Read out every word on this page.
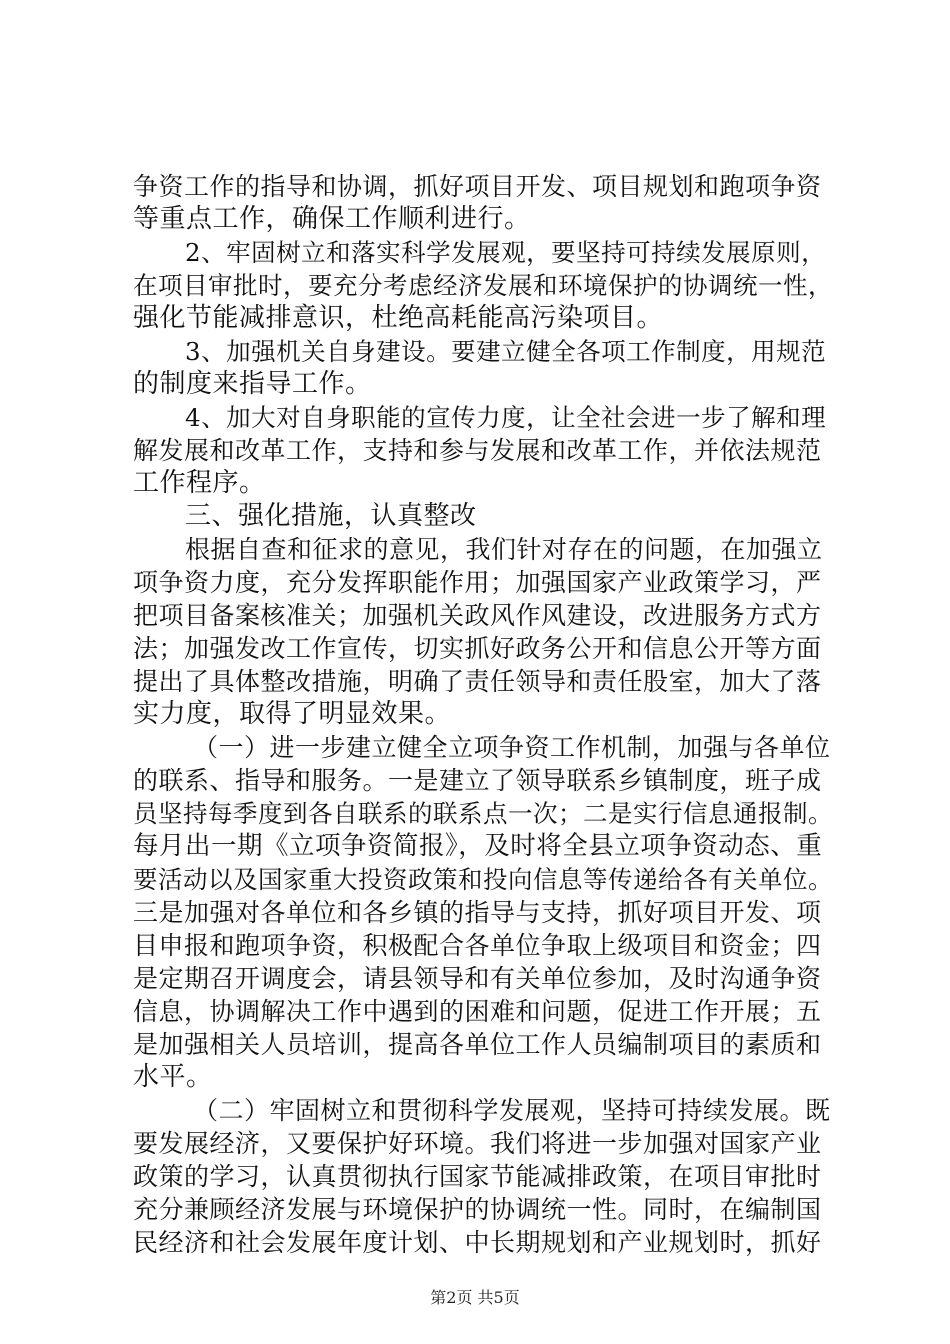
争资工作的指导和协调，抓好项目开发、项目规划和跑项争资
等重点工作，确保工作顺利进行。
2、牢固树立和落实科学发展观，要坚持可持续发展原则，
在项目审批时，要充分考虑经济发展和环境保护的协调统一性，
强化节能减排意识，杜绝高耗能高污染项目。
3、加强机关自身建设。要建立健全各项工作制度，用规范
的制度来指导工作。
4、加大对自身职能的宣传力度，让全社会进一步了解和理
解发展和改革工作，支持和参与发展和改革工作，并依法规范
工作程序。
三、强化措施，认真整改
根据自查和征求的意见，我们针对存在的问题，在加强立
项争资力度，充分发挥职能作用；加强国家产业政策学习，严
把项目备案核准关；加强机关政风作风建设，改进服务方式方
法；加强发改工作宣传，切实抓好政务公开和信息公开等方面
提出了具体整改措施，明确了责任领导和责任股室，加大了落
实力度，取得了明显效果。
（一）进一步建立健全立项争资工作机制，加强与各单位
的联系、指导和服务。一是建立了领导联系乡镇制度，班子成
员坚持每季度到各自联系的联系点一次；二是实行信息通报制。
每月出一期《立项争资简报》，及时将全县立项争资动态、重
要活动以及国家重大投资政策和投向信息等传递给各有关单位。
三是加强对各单位和各乡镇的指导与支持，抓好项目开发、项
目申报和跑项争资，积极配合各单位争取上级项目和资金；四
是定期召开调度会，请县领导和有关单位参加，及时沟通争资
信息，协调解决工作中遇到的困难和问题，促进工作开展；五
是加强相关人员培训，提高各单位工作人员编制项目的素质和
水平。
（二）牢固树立和贯彻科学发展观，坚持可持续发展。既
要发展经济，又要保护好环境。我们将进一步加强对国家产业
政策的学习，认真贯彻执行国家节能减排政策，在项目审批时
充分兼顾经济发展与环境保护的协调统一性。同时，在编制国
民经济和社会发展年度计划、中长期规划和产业规划时，抓好
第2页 共5页
